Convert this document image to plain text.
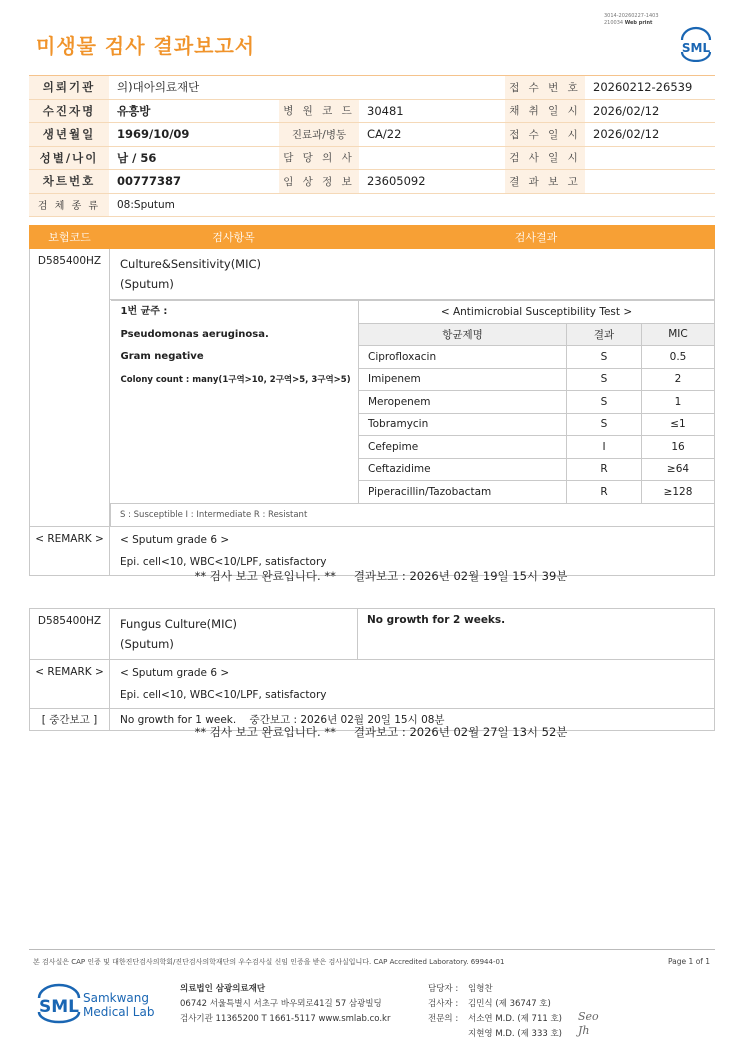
미생물 검사 결과보고서
3014-20260227-1403
210034 Web print
SML
의뢰기관	의)대아의료재단			접 수 번 호	20260212-26539
수진자명	유흥방	병 원 코 드	30481	채 취 일 시	2026/02/12
생년월일	1969/10/09	진료과/병동	CA/22	접 수 일 시	2026/02/12
성별/나이	남 / 56	담 당 의 사		검 사 일 시	
차트번호	00777387	임 상 정 보	23605092	결 과 보 고	
검 체 종 류	08:Sputum				
보험코드	검사항목	검사결과
D585400HZ	Culture&Sensitivity(MIC)
(Sputum)

1번 균주 :
Pseudomonas aeruginosa.
Gram negative
Colony count : many(1구역>10, 2구역>5, 3구역>5)
	< Antimicrobial Susceptibility Test >
항균제명	결과	MIC
Ciprofloxacin	S	0.5
Imipenem	S	2
Meropenem	S	1
Tobramycin	S	≤1
Cefepime	I	16
Ceftazidime	R	≥64
Piperacillin/Tazobactam	R	≥128
S : Susceptible I : Intermediate R : Resistant

< REMARK >	< Sputum grade 6 >
Epi. cell<10, WBC<10/LPF, satisfactory
** 검사 보고 완료입니다. ** 결과보고 : 2026년 02월 19일 15시 39분
D585400HZ	Fungus Culture(MIC)
(Sputum)	No growth for 2 weeks.
< REMARK >	< Sputum grade 6 >
Epi. cell<10, WBC<10/LPF, satisfactory	

[ 중간보고 ]	No growth for 1 week.    중간보고 : 2026년 02월 20일 15시 08분	
** 검사 보고 완료입니다. ** 결과보고 : 2026년 02월 27일 13시 52분
본 검사실은 CAP 인증 및 대한진단검사의학회/진단검사의학재단의 우수검사실 신임 인증을 받은 검사실입니다. CAP Accredited Laboratory. 69944-01	Page 1 of 1
SML Samkwang
Medical Lab
의료법인 삼광의료재단
06742 서울특별시 서초구 바우뫼로41길 57 삼광빌딩
검사기관 11365200 T 1661-5117 www.smlab.co.kr
담당자 : 임형찬
검사자 : 김민식 (제 36747 호)
전문의 : 서소연 M.D. (제 711 호)
지현영 M.D. (제 333 호)
Seo
Jh
